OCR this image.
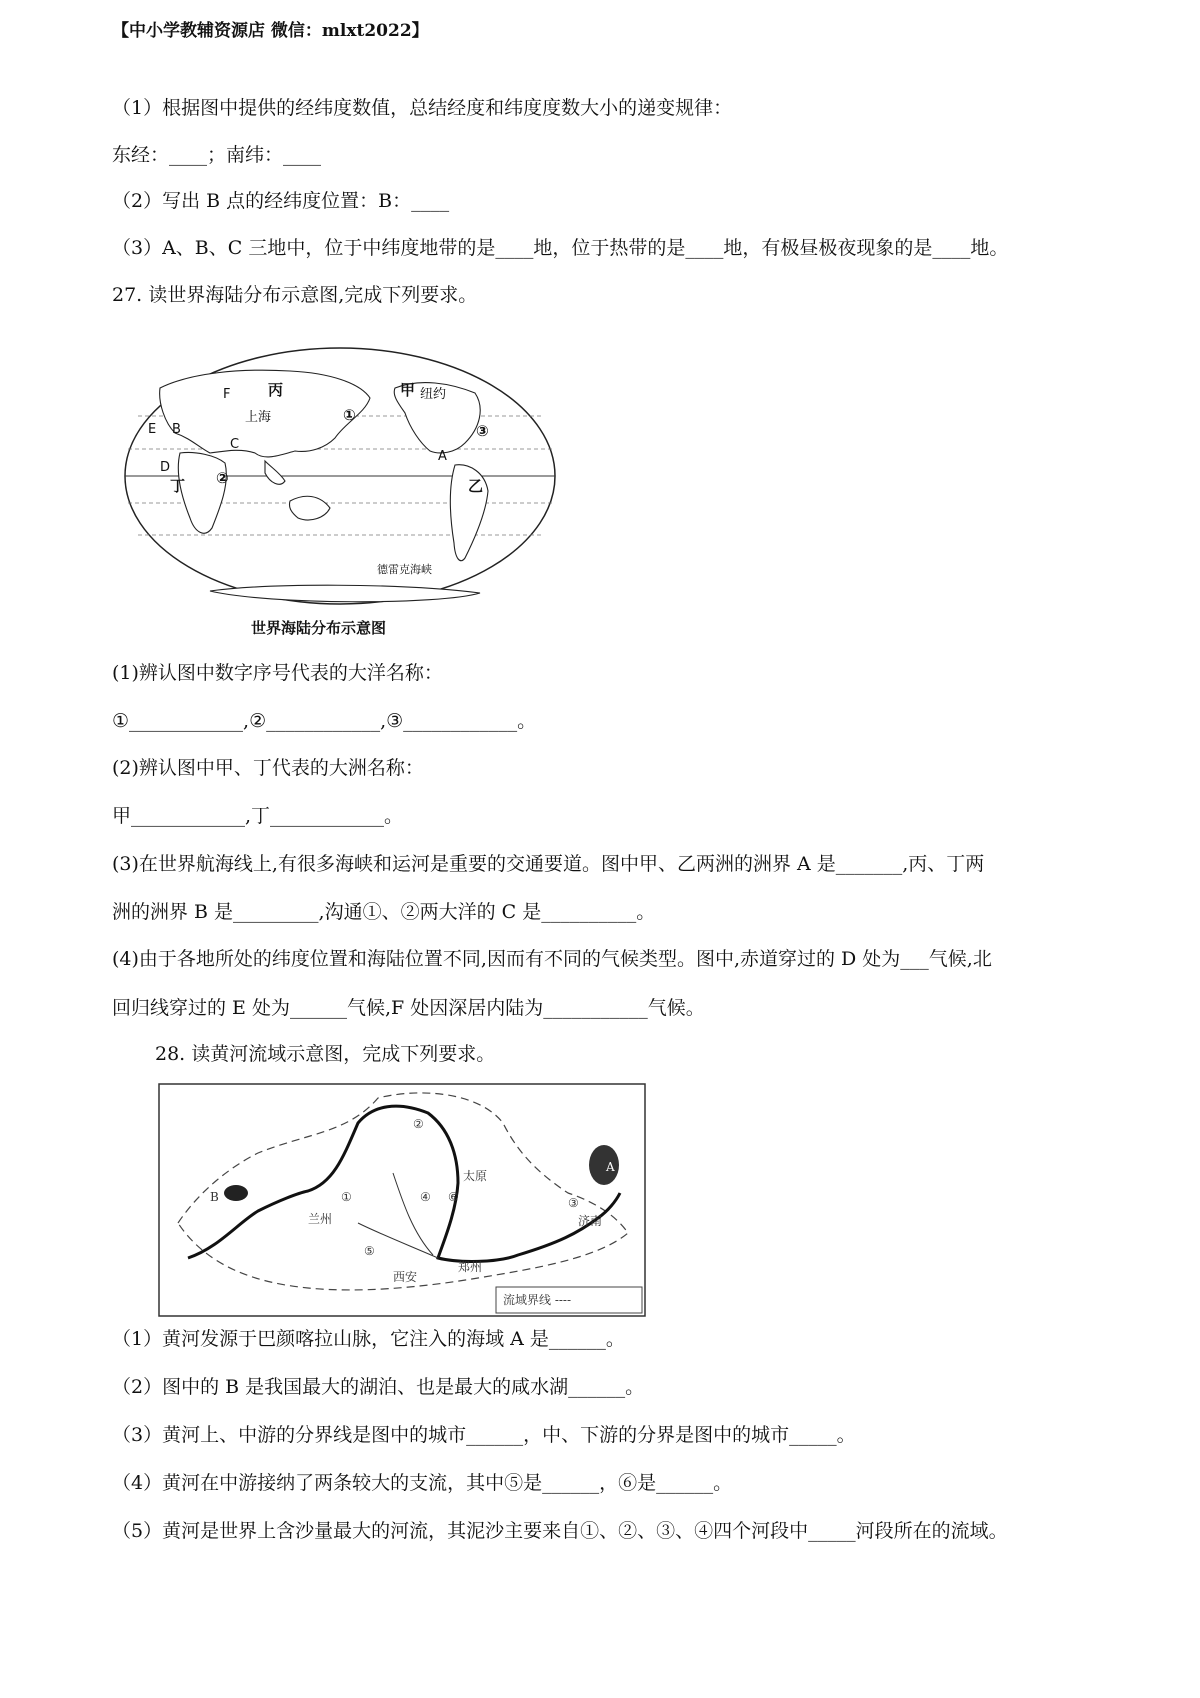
【中小学教辅资源店 微信：mlxt2022】
（1）根据图中提供的经纬度数值，总结经度和纬度度数大小的递变规律：
东经：____；南纬：____
（2）写出 B 点的经纬度位置：B：____
（3）A、B、C 三地中，位于中纬度地带的是____地，位于热带的是____地，有极昼极夜现象的是____地。
27. 读世界海陆分布示意图,完成下列要求。
F	丙	甲 纽约
上海
E B
C
①
②
③
A
D
丁	乙
德雷克海峡
世界海陆分布示意图
(1)辨认图中数字序号代表的大洋名称：
①____________,②____________,③____________。
(2)辨认图中甲、丁代表的大洲名称：
甲____________,丁____________。
(3)在世界航海线上,有很多海峡和运河是重要的交通要道。图中甲、乙两洲的洲界 A 是_______,丙、丁两
洲的洲界 B 是_________,沟通①、②两大洋的 C 是__________。
(4)由于各地所处的纬度位置和海陆位置不同,因而有不同的气候类型。图中,赤道穿过的 D 处为___气候,北
回归线穿过的 E 处为______气候,F 处因深居内陆为___________气候。
28. 读黄河流域示意图，完成下列要求。
B
A
①
②
③
④
⑤
⑥
兰州
太原
济南
西安
郑州
流域界线 ----
（1）黄河发源于巴颜喀拉山脉，它注入的海域 A 是______。
（2）图中的 B 是我国最大的湖泊、也是最大的咸水湖______。
（3）黄河上、中游的分界线是图中的城市______，中、下游的分界是图中的城市_____。
（4）黄河在中游接纳了两条较大的支流，其中⑤是______，⑥是______。
（5）黄河是世界上含沙量最大的河流，其泥沙主要来自①、②、③、④四个河段中_____河段所在的流域。
